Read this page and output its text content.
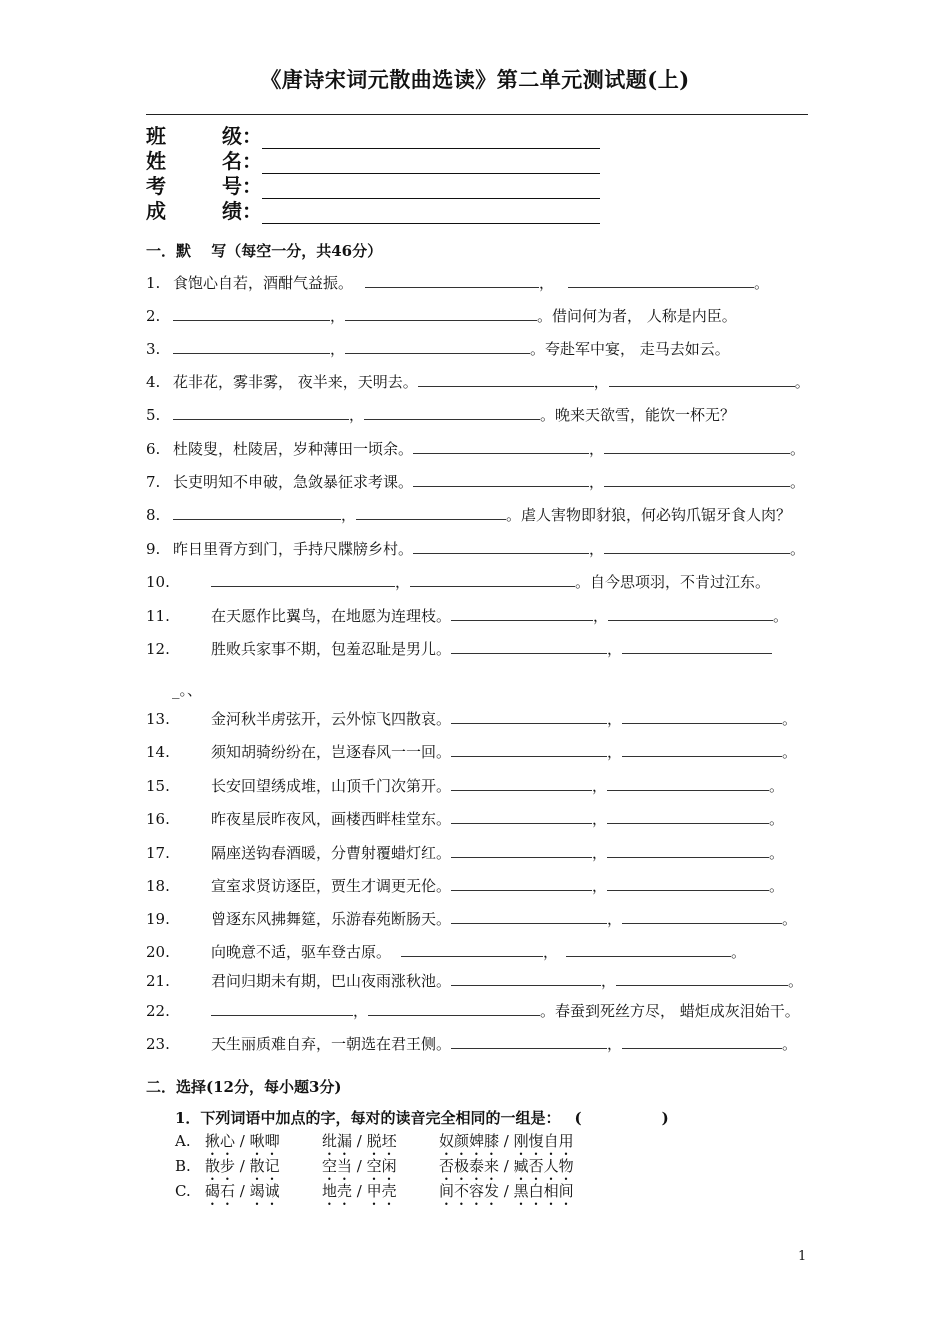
《唐诗宋词元散曲选读》第二单元测试题(上)
班	级：
姓	名：
考	号：
成	绩：
一．默　 写（每空一分，共46分）
1. 食饱心自若，酒酣气益振。	，	。
2.	，	。借问何为者， 人称是内臣。
3.	，	。夸赴军中宴， 走马去如云。
4. 花非花，雾非雾， 夜半来，天明去。	，	。
5.	，	。晚来天欲雪，能饮一杯无？
6. 杜陵叟，杜陵居，岁种薄田一顷余。	，	。
7. 长吏明知不申破，急敛暴征求考课。	，	。
8.	，	。虐人害物即豺狼，何必钩爪锯牙食人肉？
9. 昨日里胥方到门，手持尺牒牓乡村。	，	。
10.	，	。自今思项羽，不肯过江东。
11.	在天愿作比翼鸟，在地愿为连理枝。	，	。
12.	胜败兵家事不期，包羞忍耻是男儿。	，
_。、
13.	金河秋半虏弦开，云外惊飞四散哀。	，	。
14.	须知胡骑纷纷在，岂逐春风一一回。	，	。
15.	长安回望绣成堆，山顶千门次第开。	，	。
16.	昨夜星辰昨夜风，画楼西畔桂堂东。	，	。
17.	隔座送钩春酒暖，分曹射覆蜡灯红。	，	。
18.	宣室求贤访逐臣，贾生才调更无伦。	，	。
19.	曾逐东风拂舞筵，乐游春苑断肠天。	，	。
20.	向晚意不适，驱车登古原。	，	。
21.	君问归期未有期，巴山夜雨涨秋池。	，	。
22.	，	。春蚕到死丝方尽， 蜡炬成灰泪始干。
23.	天生丽质难自弃，一朝选在君王侧。	，	。
二．选择(12分，每小题3分)
1．下列词语中加点的字，每对的读音完全相同的一组是： (	)
A. 揪心 / 啾唧	纰漏 / 脱坯	奴颜婢膝 / 刚愎自用
B. 散步 / 散记	空当 / 空闲	否极泰来 / 臧否人物
C. 碣石 / 竭诚	地壳 / 甲壳	间不容发 / 黑白相间
1
